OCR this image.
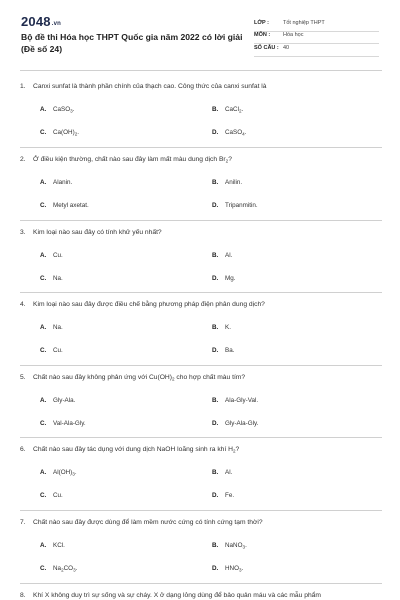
2048.vn
Bộ đề thi Hóa học THPT Quốc gia năm 2022 có lời giải (Đề số 24)
LỚP :	Tốt nghiệp THPT
MÔN : Hóa học
SỐ CÂU : 40
1. Canxi sunfat là thành phần chính của thạch cao. Công thức của canxi sunfat là
A. CaSO$_3$.	B. CaCl$_2$.
C. $Ca(OH)_2$.	D. CaSO$_4$.
2. Ở điều kiện thường, chất nào sau đây làm mất màu dung dịch $Br_2$?
A. Alanin.	B. Anilin.
C. Metyl axetat.	D. Tripanmitin.
3. Kim loại nào sau đây có tính khử yếu nhất?
A. Cu.	B. Al.
C. Na.	D. Mg.
4. Kim loại nào sau đây được điều chế bằng phương pháp điện phân dung dịch?
A. Na.	B. K.
C. Cu.	D. Ba.
5. Chất nào sau đây không phản ứng với $Cu(OH)_2$ cho hợp chất màu tím?
A. Gly-Ala.	B. Ala-Gly-Val.
C. Val-Ala-Gly.	D. Gly-Ala-Gly.
6. Chất nào sau đây tác dụng với dung dịch NaOH loãng sinh ra khí $H_2$?
A. $Al(OH)_3$.	B. Al.
C. Cu.	D. Fe.
7. Chất nào sau đây được dùng để làm mềm nước cứng có tính cứng tạm thời?
A. KCl.	B. NaNO$_3$.
C. $Na_2CO_3$.	D. $HNO_3$.
8. Khí X không duy trì sự sống và sự cháy. X ở dạng lỏng dùng để bảo quản máu và các mẫu phẩm
